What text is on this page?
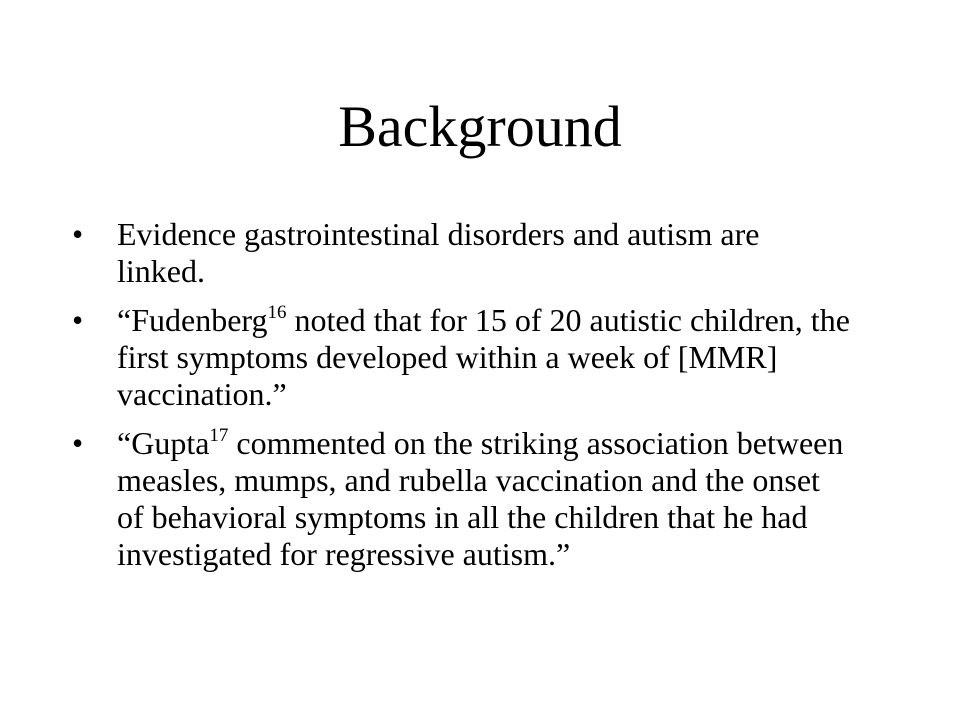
Background
•	Evidence gastrointestinal disorders and autism are linked.
•	“Fudenberg$^{16}$ noted that for 15 of 20 autistic children, the first symptoms developed within a week of [MMR] vaccination.”
•	“Gupta$^{17}$ commented on the striking association between measles, mumps, and rubella vaccination and the onset of behavioral symptoms in all the children that he had investigated for regressive autism.”
